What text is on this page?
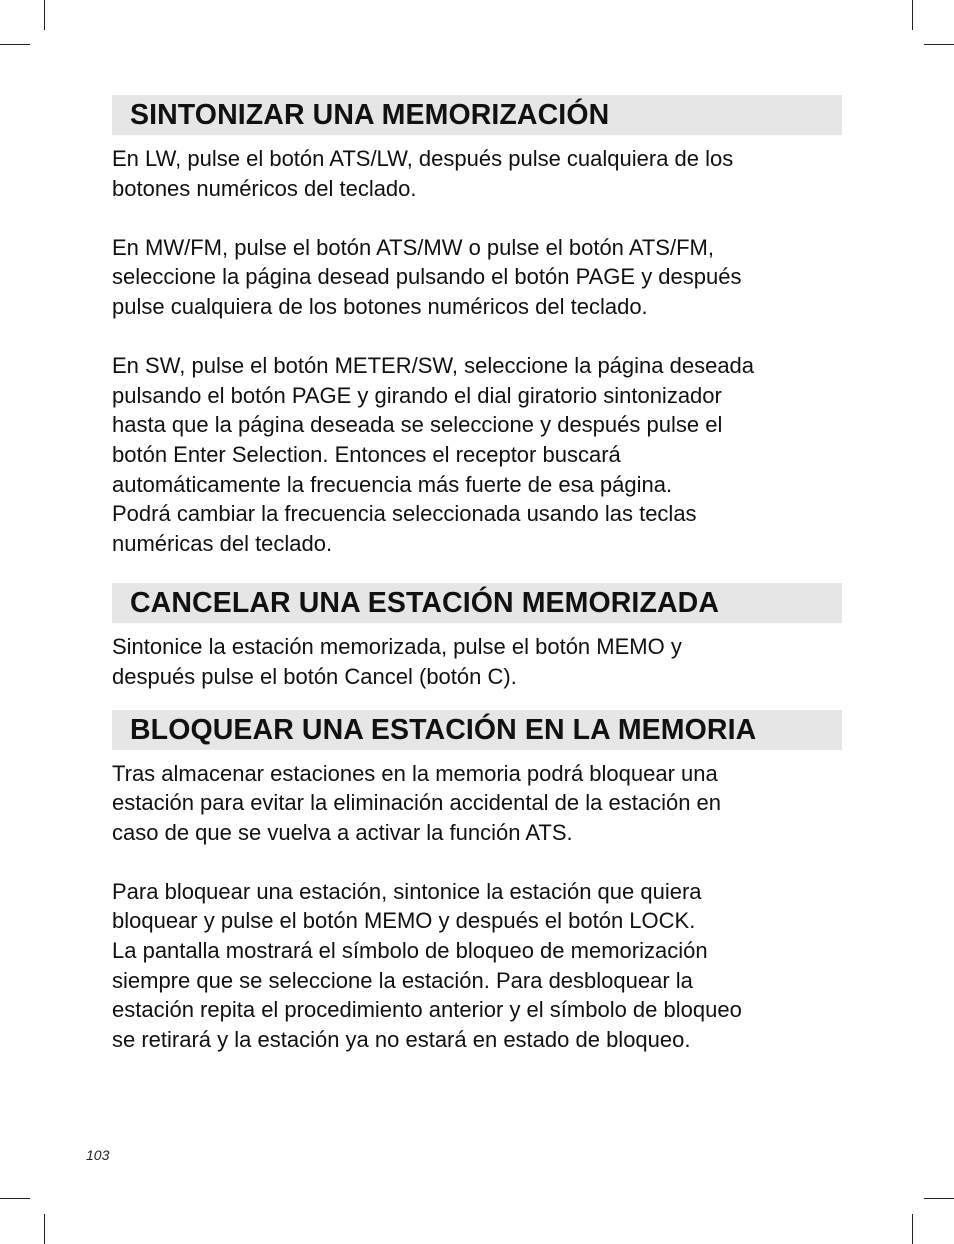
SINTONIZAR UNA MEMORIZACIÓN

En LW, pulse el botón ATS/LW, después pulse cualquiera de los
botones numéricos del teclado.

En MW/FM, pulse el botón ATS/MW o pulse el botón ATS/FM,
seleccione la página desead pulsando el botón PAGE y después
pulse cualquiera de los botones numéricos del teclado.

En SW, pulse el botón METER/SW, seleccione la página deseada
pulsando el botón PAGE y girando el dial giratorio sintonizador
hasta que la página deseada se seleccione y después pulse el
botón Enter Selection. Entonces el receptor buscará
automáticamente la frecuencia más fuerte de esa página.
Podrá cambiar la frecuencia seleccionada usando las teclas
numéricas del teclado.

CANCELAR UNA ESTACIÓN MEMORIZADA

Sintonice la estación memorizada, pulse el botón MEMO y
después pulse el botón Cancel (botón C).

BLOQUEAR UNA ESTACIÓN EN LA MEMORIA

Tras almacenar estaciones en la memoria podrá bloquear una
estación para evitar la eliminación accidental de la estación en
caso de que se vuelva a activar la función ATS.

Para bloquear una estación, sintonice la estación que quiera
bloquear y pulse el botón MEMO y después el botón LOCK.
La pantalla mostrará el símbolo de bloqueo de memorización
siempre que se seleccione la estación. Para desbloquear la
estación repita el procedimiento anterior y el símbolo de bloqueo
se retirará y la estación ya no estará en estado de bloqueo.

103
